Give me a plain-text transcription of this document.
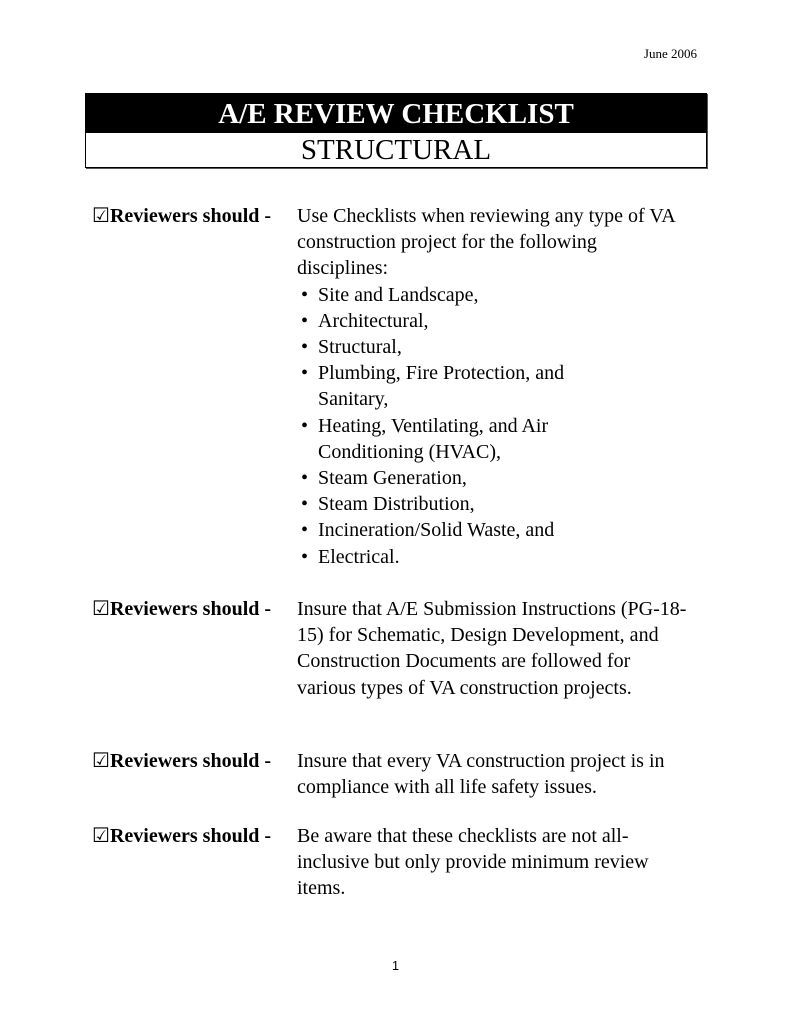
June 2006
A/E REVIEW CHECKLIST
STRUCTURAL
☑Reviewers should - Use Checklists when reviewing any type of VA construction project for the following disciplines:
• Site and Landscape,
• Architectural,
• Structural,
• Plumbing, Fire Protection, and Sanitary,
• Heating, Ventilating, and Air Conditioning (HVAC),
• Steam Generation,
• Steam Distribution,
• Incineration/Solid Waste, and
• Electrical.
☑Reviewers should - Insure that A/E Submission Instructions (PG-18-15) for Schematic, Design Development, and Construction Documents are followed for various types of VA construction projects.
☑Reviewers should - Insure that every VA construction project is in compliance with all life safety issues.
☑Reviewers should - Be aware that these checklists are not all-inclusive but only provide minimum review items.
1
